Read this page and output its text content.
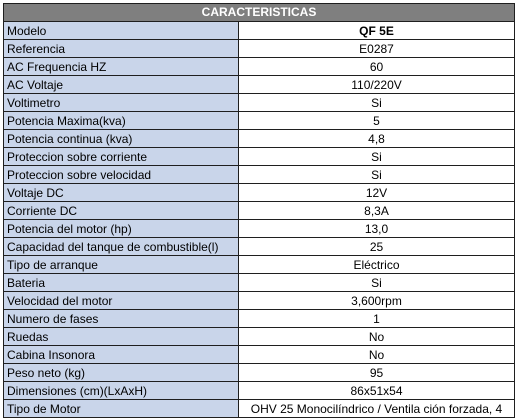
CARACTERISTICAS	
Modelo	QF 5E
Referencia	E0287
AC Frequencia HZ	60
AC Voltaje	110/220V
Voltimetro	Si
Potencia Maxima(kva)	5
Potencia continua (kva)	4,8
Proteccion sobre corriente	Si
Proteccion sobre velocidad	Si
Voltaje DC	12V
Corriente DC	8,3A
Potencia del motor (hp)	13,0
Capacidad del tanque de combustible(l)	25
Tipo de arranque	Eléctrico
Bateria	Si
Velocidad del motor	3,600rpm
Numero de fases	1
Ruedas	No
Cabina Insonora	No
Peso neto (kg)	95
Dimensiones (cm)(LxAxH)	86x51x54
Tipo de Motor	OHV 25 Monocilíndrico / Ventila ción forzada, 4
